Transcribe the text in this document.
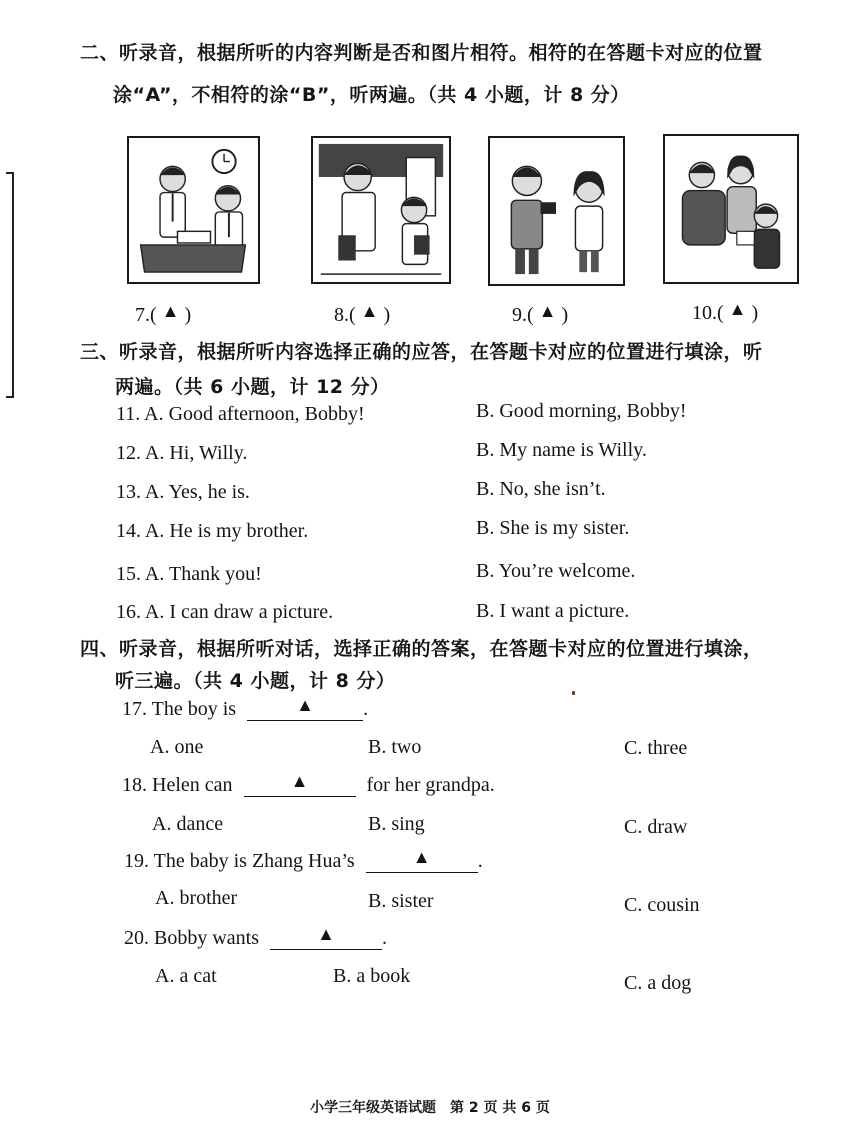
二、听录音，根据所听的内容判断是否和图片相符。相符的在答题卡对应的位置
涂“A”，不相符的涂“B”，听两遍。（共 4 小题，计 8 分）
7.( ▲ )	8.( ▲ )	9.( ▲ )	10.( ▲ )
三、听录音，根据所听内容选择正确的应答，在答题卡对应的位置进行填涂，听
两遍。（共 6 小题，计 12 分）
11. A. Good afternoon, Bobby!	B. Good morning, Bobby!
12. A. Hi, Willy.	B. My name is Willy.
13. A. Yes, he is.	B. No, she isn’t.
14. A. He is my brother.	B. She is my sister.
15. A. Thank you!	B. You’re welcome.
16. A. I can draw a picture.	B. I want a picture.
四、听录音，根据所听对话，选择正确的答案，在答题卡对应的位置进行填涂，
听三遍。（共 4 小题，计 8 分）
17. The boy is	▲ .
A. one	B. two	C. three
18. Helen can	▲	for her grandpa.
A. dance	B. sing	C. draw
19. The baby is Zhang Hua’s	▲ .
A. brother	B. sister	C. cousin
20. Bobby wants	▲ .
A. a cat	B. a book	C. a dog
小学三年级英语试题　第 2 页 共 6 页
